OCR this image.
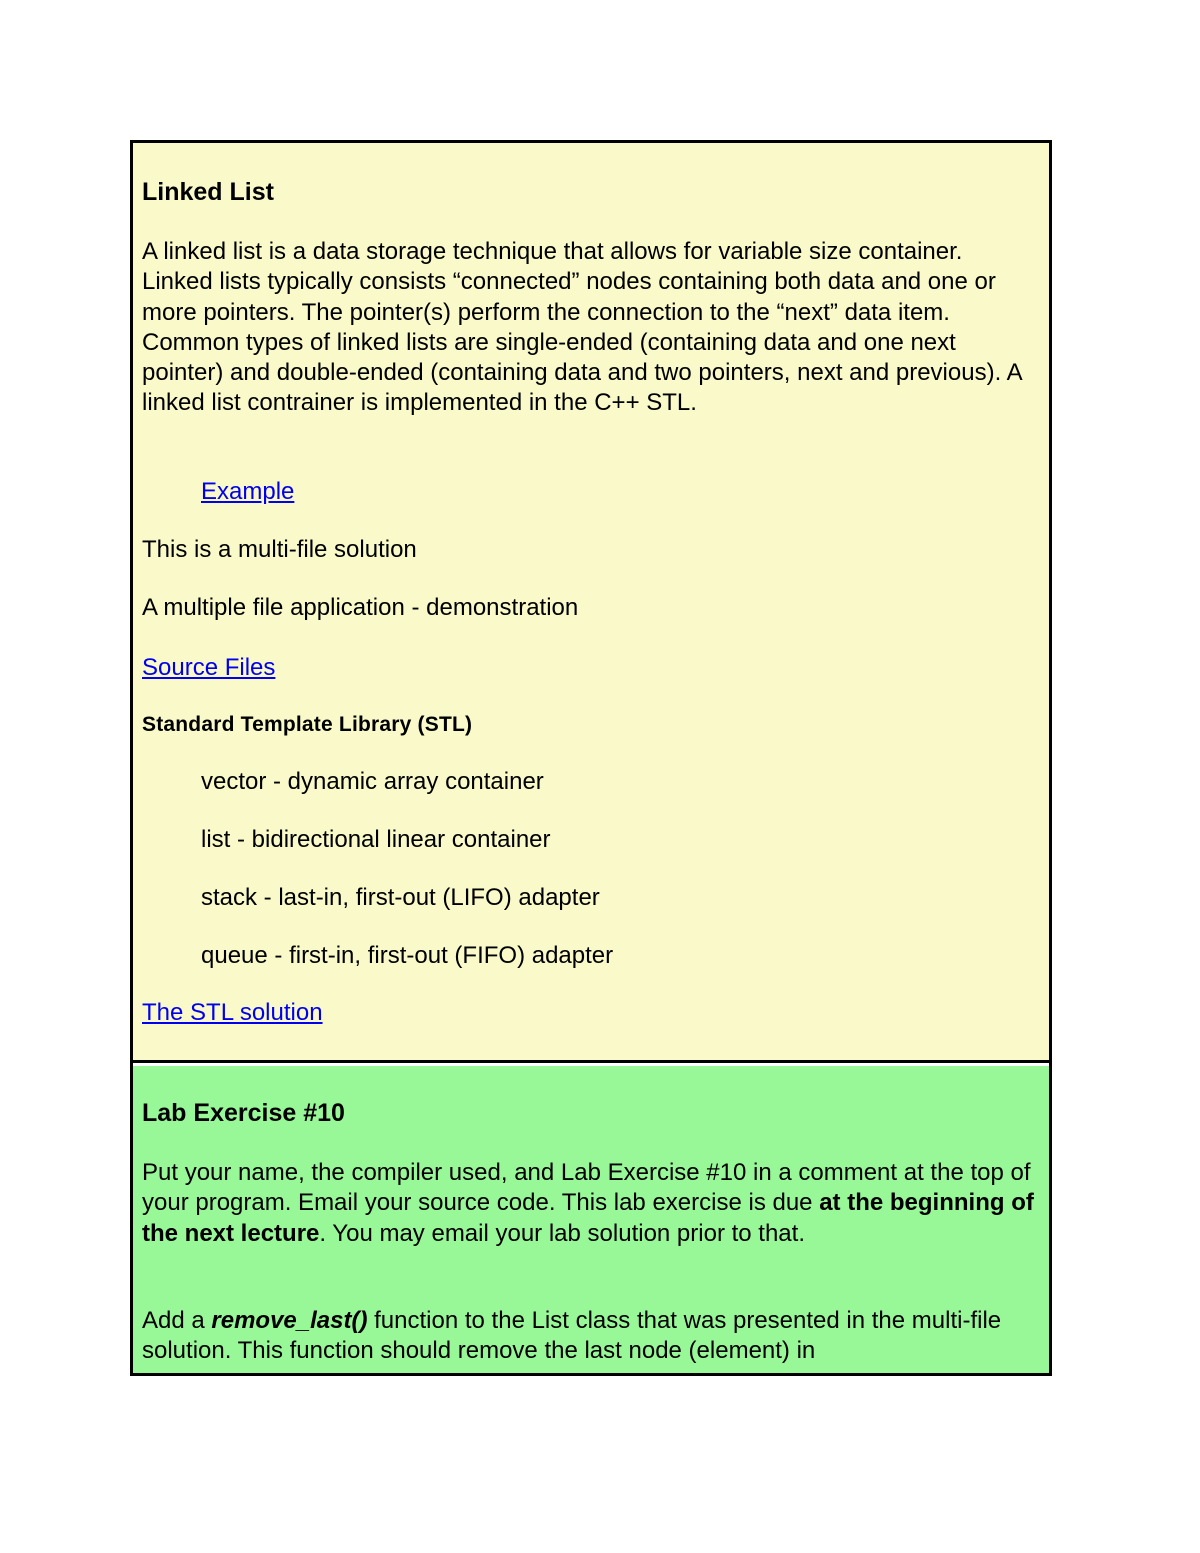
Linked List

A linked list is a data storage technique that allows for variable size container. Linked lists typically consists “connected” nodes containing both data and one or more pointers. The pointer(s) perform the connection to the “next” data item. Common types of linked lists are single-ended (containing data and one next pointer) and double-ended (containing data and two pointers, next and previous). A linked list contrainer is implemented in the C++ STL.

Example

This is a multi-file solution

A multiple file application - demonstration

Source Files
Standard Template Library (STL)

vector - dynamic array container

list - bidirectional linear container

stack - last-in, first-out (LIFO) adapter

queue - first-in, first-out (FIFO) adapter

The STL solution
Lab Exercise #10

Put your name, the compiler used, and Lab Exercise #10 in a comment at the top of your program. Email your source code. This lab exercise is due at the beginning of the next lecture. You may email your lab solution prior to that.

Add a remove_last() function to the List class that was presented in the multi-file solution. This function should remove the last node (element) in
